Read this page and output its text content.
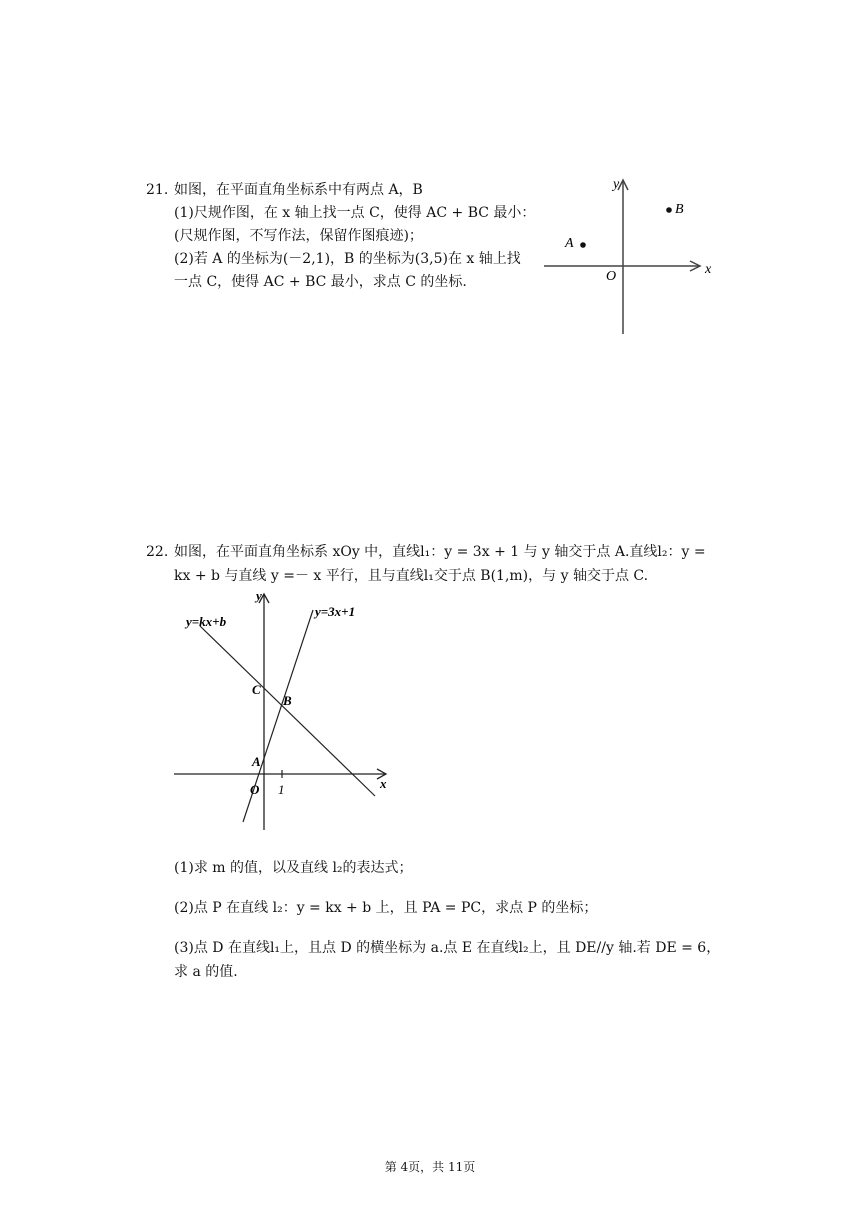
21. 如图，在平面直角坐标系中有两点 A，B
(1)尺规作图，在 x 轴上找一点 C，使得 AC + BC 最小：
(尺规作图，不写作法，保留作图痕迹)；
(2)若 A 的坐标为(－2,1)，B 的坐标为(3,5)在 x 轴上找
一点 C，使得 AC + BC 最小，求点 C 的坐标.
x
y
O
A
B
22. 如图，在平面直角坐标系 xOy 中，直线l₁：y = 3x + 1 与 y 轴交于点 A.直线l₂：y =
kx + b 与直线 y =－ x 平行，且与直线l₁交于点 B(1,m)，与 y 轴交于点 C.
y=kx+b
y=3x+1
y
x
O 1
C
B
A
(1)求 m 的值，以及直线 l₂的表达式；
(2)点 P 在直线 l₂：y = kx + b 上，且 PA = PC，求点 P 的坐标；
(3)点 D 在直线l₁上，且点 D 的横坐标为 a.点 E 在直线l₂上，且 DE//y 轴.若 DE = 6，
求 a 的值.
第 4页，共 11页
